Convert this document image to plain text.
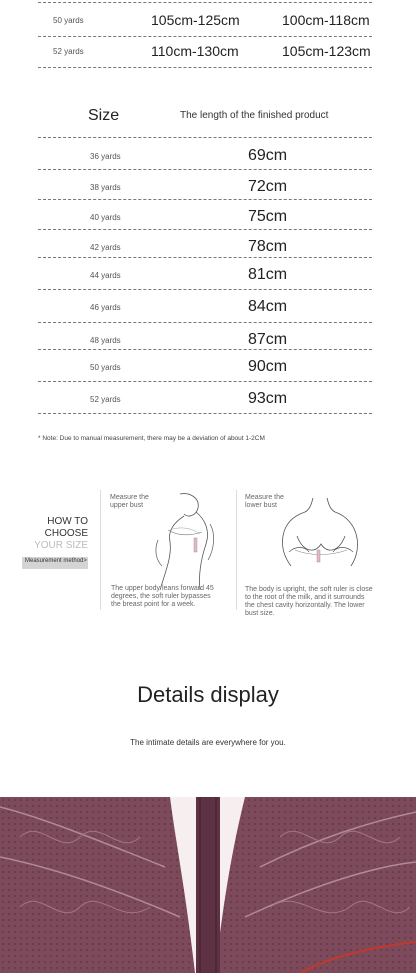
50 yards	105cm-125cm	100cm-118cm
52 yards	110cm-130cm	105cm-123cm
Size	The length of the finished product
36 yards	69cm
38 yards	72cm
40 yards	75cm
42 yards	78cm
44 yards	81cm
46 yards	84cm
48 yards	87cm
50 yards	90cm
52 yards	93cm
* Note: Due to manual measurement, there may be a deviation of about 1-2CM
HOW TO
CHOOSE
YOUR SIZE
Measurement method>
Measure the upper bust
The upper body leans forward 45 degrees, the soft ruler bypasses the breast point for a week.
Measure the lower bust
The body is upright, the soft ruler is close to the root of the milk, and it surrounds the chest cavity horizontally. The lower bust size.
Details display
The intimate details are everywhere for you.
